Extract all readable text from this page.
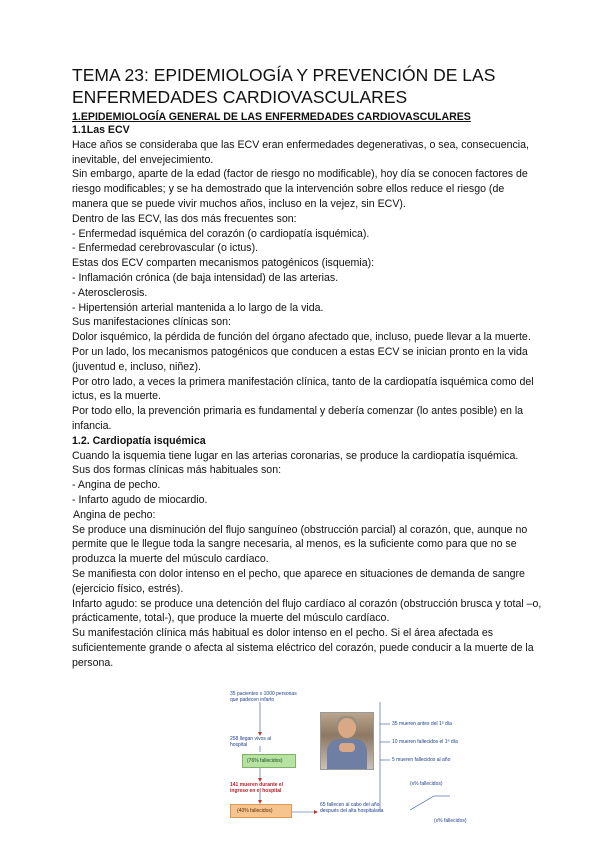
TEMA 23: EPIDEMIOLOGÍA Y PREVENCIÓN DE LAS ENFERMEDADES CARDIOVASCULARES
1.EPIDEMIOLOGÍA GENERAL DE LAS ENFERMEDADES CARDIOVASCULARES
1.1Las ECV

Hace años se consideraba que las ECV eran enfermedades degenerativas, o sea, consecuencia, inevitable, del envejecimiento.

Sin embargo, aparte de la edad (factor de riesgo no modificable), hoy día se conocen factores de riesgo modificables; y se ha demostrado que la intervención sobre ellos reduce el riesgo (de manera que se puede vivir muchos años, incluso en la vejez, sin ECV).

Dentro de las ECV, las dos más frecuentes son:

- Enfermedad isquémica del corazón (o cardiopatía isquémica).

- Enfermedad cerebrovascular (o ictus).

Estas dos ECV comparten mecanismos patogénicos (isquemia):

- Inflamación crónica (de baja intensidad) de las arterias.

- Aterosclerosis.

- Hipertensión arterial mantenida a lo largo de la vida.

Sus manifestaciones clínicas son:

Dolor isquémico, la pérdida de función del órgano afectado que, incluso, puede llevar a la muerte.

Por un lado, los mecanismos patogénicos que conducen a estas ECV se inician pronto en la vida (juventud e, incluso, niñez).

Por otro lado, a veces la primera manifestación clínica, tanto de la cardiopatía isquémica como del ictus, es la muerte.

Por todo ello, la prevención primaria es fundamental y debería comenzar (lo antes posible) en la infancia.

1.2. Cardiopatía isquémica

Cuando la isquemia tiene lugar en las arterias coronarias, se produce la cardiopatía isquémica.

Sus dos formas clínicas más habituales son:

- Angina de pecho.

- Infarto agudo de miocardio.

Angina de pecho:

Se produce una disminución del flujo sanguíneo (obstrucción parcial) al corazón, que, aunque no permite que le llegue toda la sangre necesaria, al menos, es la suficiente como para que no se produzca la muerte del músculo cardíaco.

Se manifiesta con dolor intenso en el pecho, que aparece en situaciones de demanda de sangre (ejercicio físico, estrés).

Infarto agudo: se produce una detención del flujo cardíaco al corazón (obstrucción brusca y total –o, prácticamente, total-), que produce la muerte del músculo cardíaco.

Su manifestación clínica más habitual es dolor intenso en el pecho. Si el área afectada es suficientemente grande o afecta al sistema eléctrico del corazón, puede conducir a la muerte de la persona.

35 pacientes x 1000 personas
que padecen infarto
258 llegan vivos al
hospital
(76% fallecidos)
141 mueren durante el
ingreso en el hospital
(40% fallecidos)
35 mueren antes del 1ª día
10 mueren fallecidos el 1ª día
5 mueren fallecidos al año
(x% fallecidos)
65 fallecen al cabo del año
después del alta hospitalaria
(x% fallecidos)
